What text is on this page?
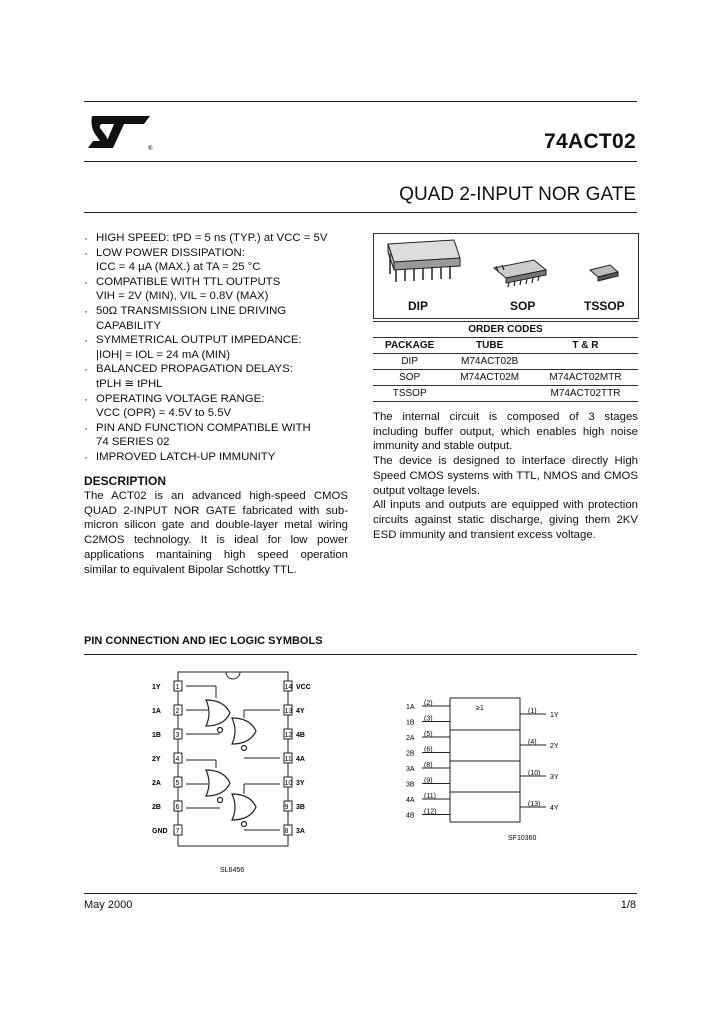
®	74ACT02
QUAD 2-INPUT NOR GATE
· HIGH SPEED: tPD = 5 ns (TYP.) at VCC = 5V
· LOW POWER DISSIPATION:
ICC = 4 µA (MAX.) at TA = 25 °C
· COMPATIBLE WITH TTL OUTPUTS
VIH = 2V (MIN), VIL = 0.8V (MAX)
· 50Ω TRANSMISSION LINE DRIVING
CAPABILITY
· SYMMETRICAL OUTPUT IMPEDANCE:
|IOH| = IOL = 24 mA (MIN)
· BALANCED PROPAGATION DELAYS:
tPLH ≅ tPHL
· OPERATING VOLTAGE RANGE:
VCC (OPR) = 4.5V to 5.5V
· PIN AND FUNCTION COMPATIBLE WITH
74 SERIES 02
· IMPROVED LATCH-UP IMMUNITY
DESCRIPTION
The ACT02 is an advanced high-speed CMOS QUAD 2-INPUT NOR GATE fabricated with sub-micron silicon gate and double-layer metal wiring C2MOS technology. It is ideal for low power applications mantaining high speed operation similar to equivalent Bipolar Schottky TTL.
DIP	SOP	TSSOP
ORDER CODES		
PACKAGE	TUBE	T & R
DIP	M74ACT02B	
SOP	M74ACT02M	M74ACT02MTR
TSSOP		M74ACT02TTR

The internal circuit is composed of 3 stages including buffer output, which enables high noise immunity and stable output.

The device is designed to interface directly High Speed CMOS systems with TTL, NMOS and CMOS output voltage levels.

All inputs and outputs are equipped with protection circuits against static discharge, giving them 2KV ESD immunity and transient excess voltage.

PIN CONNECTION AND IEC LOGIC SYMBOLS
1
1Y	14 VCC
2
1A	13 4Y
3
1B	12 4B
4
2Y	11 4A
5
2A	10 3Y
6
2B	9 3B
7
GND	8 3A
SL6456
≥1
1A
(2)
1B
(3)
2A
(5)
2B
(6)
3A
(8)
3B
(9)
4A
(11)
4B
(12)
(1)
1Y
(4)
2Y
(10)
3Y
(13)
4Y
SF10360
May 2000	1/8
